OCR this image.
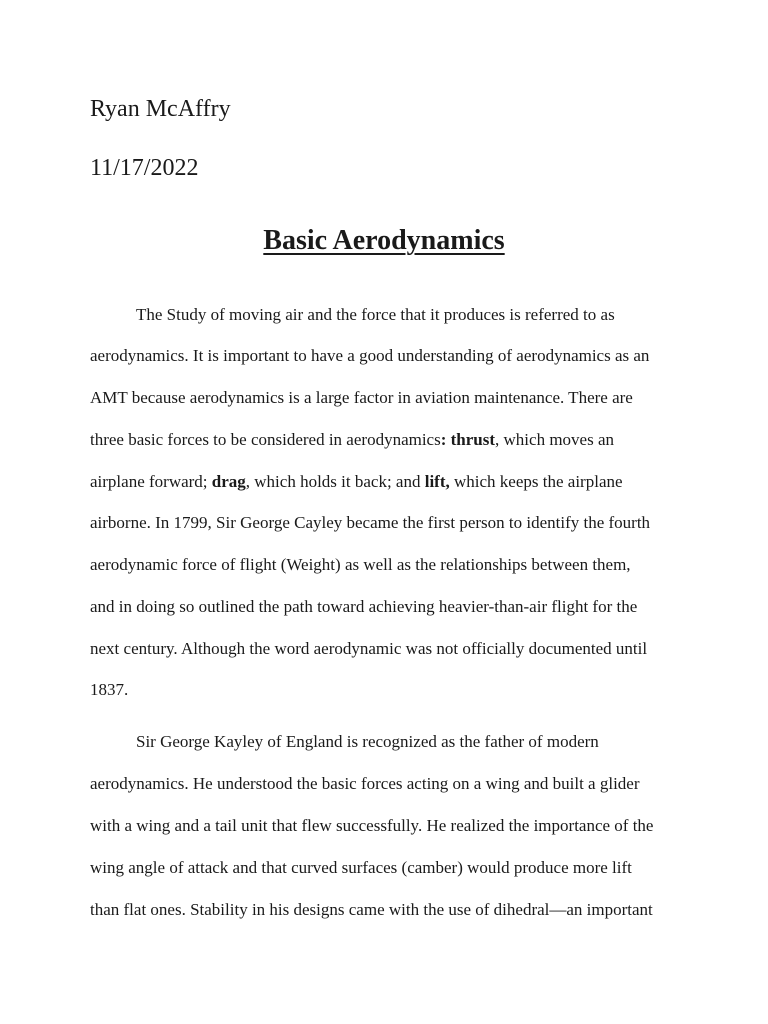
Ryan McAffry
11/17/2022
Basic Aerodynamics
The Study of moving air and the force that it produces is referred to as
aerodynamics. It is important to have a good understanding of aerodynamics as an
AMT because aerodynamics is a large factor in aviation maintenance. There are
three basic forces to be considered in aerodynamics: thrust, which moves an
airplane forward; drag, which holds it back; and lift, which keeps the airplane
airborne. In 1799, Sir George Cayley became the first person to identify the fourth
aerodynamic force of flight (Weight) as well as the relationships between them,
and in doing so outlined the path toward achieving heavier-than-air flight for the
next century. Although the word aerodynamic was not officially documented until
1837.
Sir George Kayley of England is recognized as the father of modern
aerodynamics. He understood the basic forces acting on a wing and built a glider
with a wing and a tail unit that flew successfully. He realized the importance of the
wing angle of attack and that curved surfaces (camber) would produce more lift
than flat ones. Stability in his designs came with the use of dihedral—an important
